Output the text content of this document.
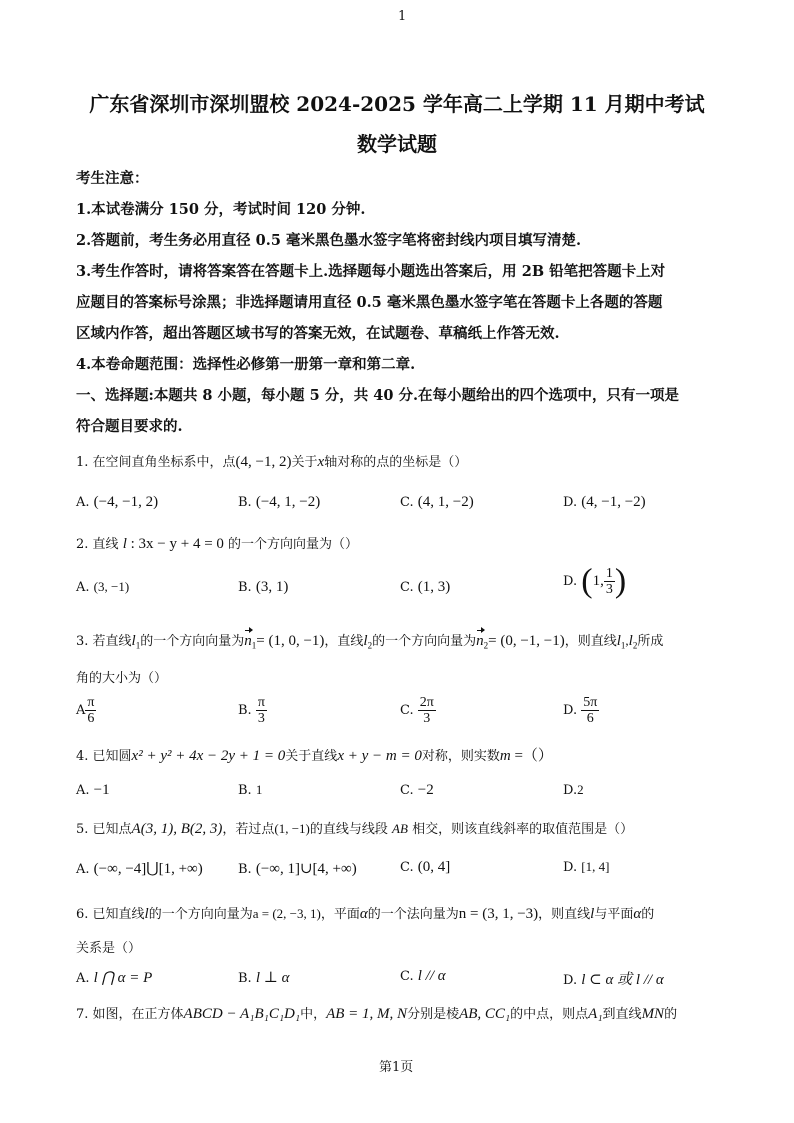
1
广东省深圳市深圳盟校 2024-2025 学年高二上学期 11 月期中考试
数学试题
考生注意：
1.本试卷满分 150 分，考试时间 120 分钟.
2.答题前，考生务必用直径 0.5 毫米黑色墨水签字笔将密封线内项目填写清楚.
3.考生作答时，请将答案答在答题卡上.选择题每小题选出答案后，用 2B 铅笔把答题卡上对
应题目的答案标号涂黑；非选择题请用直径 0.5 毫米黑色墨水签字笔在答题卡上各题的答题
区域内作答，超出答题区域书写的答案无效，在试题卷、草稿纸上作答无效.
4.本卷命题范围：选择性必修第一册第一章和第二章.
一、选择题:本题共 8 小题，每小题 5 分，共 40 分.在每小题给出的四个选项中，只有一项是
符合题目要求的.
1. 在空间直角坐标系中，点(4, −1, 2)关于x轴对称的点的坐标是（）
A. (−4, −1, 2)	B. (−4, 1, −2)	C. (4, 1, −2)	D. (4, −1, −2)
2. 直线 l : 3x − y + 4 = 0 的一个方向向量为（）
A. (3, −1)	B. (3, 1)	C. (1, 3)	D. (1, $\frac{1}{3}$ )
3. 若直线$l_1$的一个方向向量为$n_1= (1$, 0, −1)，直线$l_2$的一个方向向量为$n_2= (0$, −1, −1)，则直线$l_1,l_2$所成
角的大小为（）
A $\frac{\pi}{6}$	B. $\frac{\pi}{3}$	C. $\frac{2\pi}{3}$	D. $\frac{5\pi}{6}$
4. 已知圆x² + y² + 4x − 2y + 1 = 0关于直线x + y − m = 0对称，则实数m =（）
A. −1	B. 1	C. −2	D.2
5. 已知点A(3, 1), B(2, 3)，若过点(1, −1)的直线与线段 AB 相交，则该直线斜率的取值范围是（）
A. (−∞, −4]⋃[1, +∞)	B. (−∞, 1]∪[4, +∞)	C. (0, 4]	D. [1, 4]
6. 已知直线l的一个方向向量为a = (2, −3, 1)，平面α的一个法向量为n = (3, 1, −3)，则直线l与平面α的
关系是（）
A. l ⋂ α = P	B. l ⊥ α	C. l // α	D. l ⊂ α 或 l // α
7. 如图，在正方体ABCD − A₁B₁C₁D₁中，AB = 1, M, N分别是棱AB, CC₁的中点，则点A₁到直线MN的
第1页
